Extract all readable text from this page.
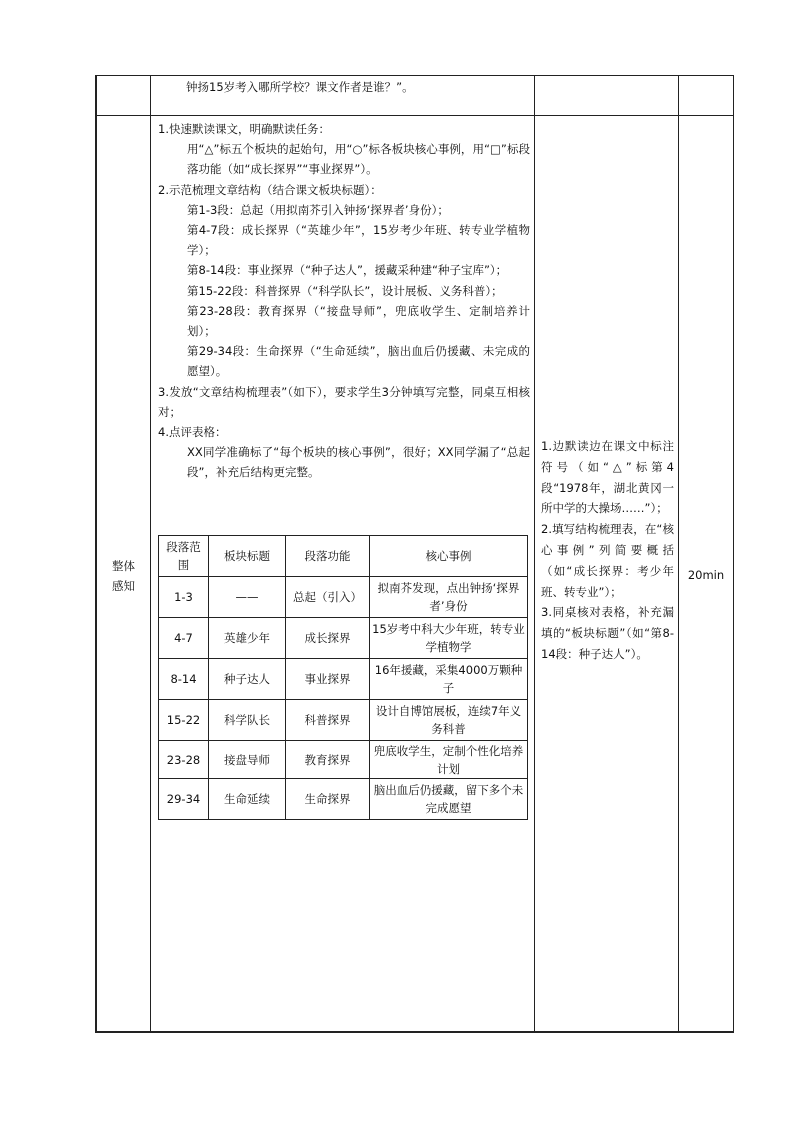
钟扬15岁考入哪所学校？课文作者是谁？”。
整体
感知

1.快速默读课文，明确默读任务：

用“△”标五个板块的起始句，用“○”标各板块核心事例，用“□”标段落功能（如“成长探界”“事业探界”）。

2.示范梳理文章结构（结合课文板块标题）：

第1-3段：总起（用拟南芥引入钟扬‘探界者’身份）；

第4-7段：成长探界（“英雄少年”，15岁考少年班、转专业学植物学）；

第8-14段：事业探界（“种子达人”，援藏采种建“种子宝库”）；

第15-22段：科普探界（“科学队长”，设计展板、义务科普）；

第23-28段：教育探界（“接盘导师”，兜底收学生、定制培养计划）；

第29-34段：生命探界（“生命延续”，脑出血后仍援藏、未完成的愿望）。

3.发放“文章结构梳理表”（如下），要求学生3分钟填写完整，同桌互相核对；

4.点评表格：

XX同学准确标了“每个板块的核心事例”，很好；XX同学漏了“总起段”，补充后结构更完整。

段落范围	板块标题	段落功能	核心事例
1-3	——	总起（引入）	拟南芥发现，点出钟扬‘探界者’身份
4-7	英雄少年	成长探界	15岁考中科大少年班，转专业学植物学
8-14	种子达人	事业探界	16年援藏，采集4000万颗种子
15-22	科学队长	科普探界	设计自博馆展板，连续7年义务科普
23-28	接盘导师	教育探界	兜底收学生，定制个性化培养计划
29-34	生命延续	生命探界	脑出血后仍援藏，留下多个未完成愿望

1.边默读边在课文中标注符号（如“△”标第4段“1978年，湖北黄冈一所中学的大操场……”）；

2.填写结构梳理表，在“核心事例”列简要概括（如“成长探界：考少年班、转专业”）；

3.同桌核对表格，补充漏填的“板块标题”（如“第8-14段：种子达人”）。

20min
